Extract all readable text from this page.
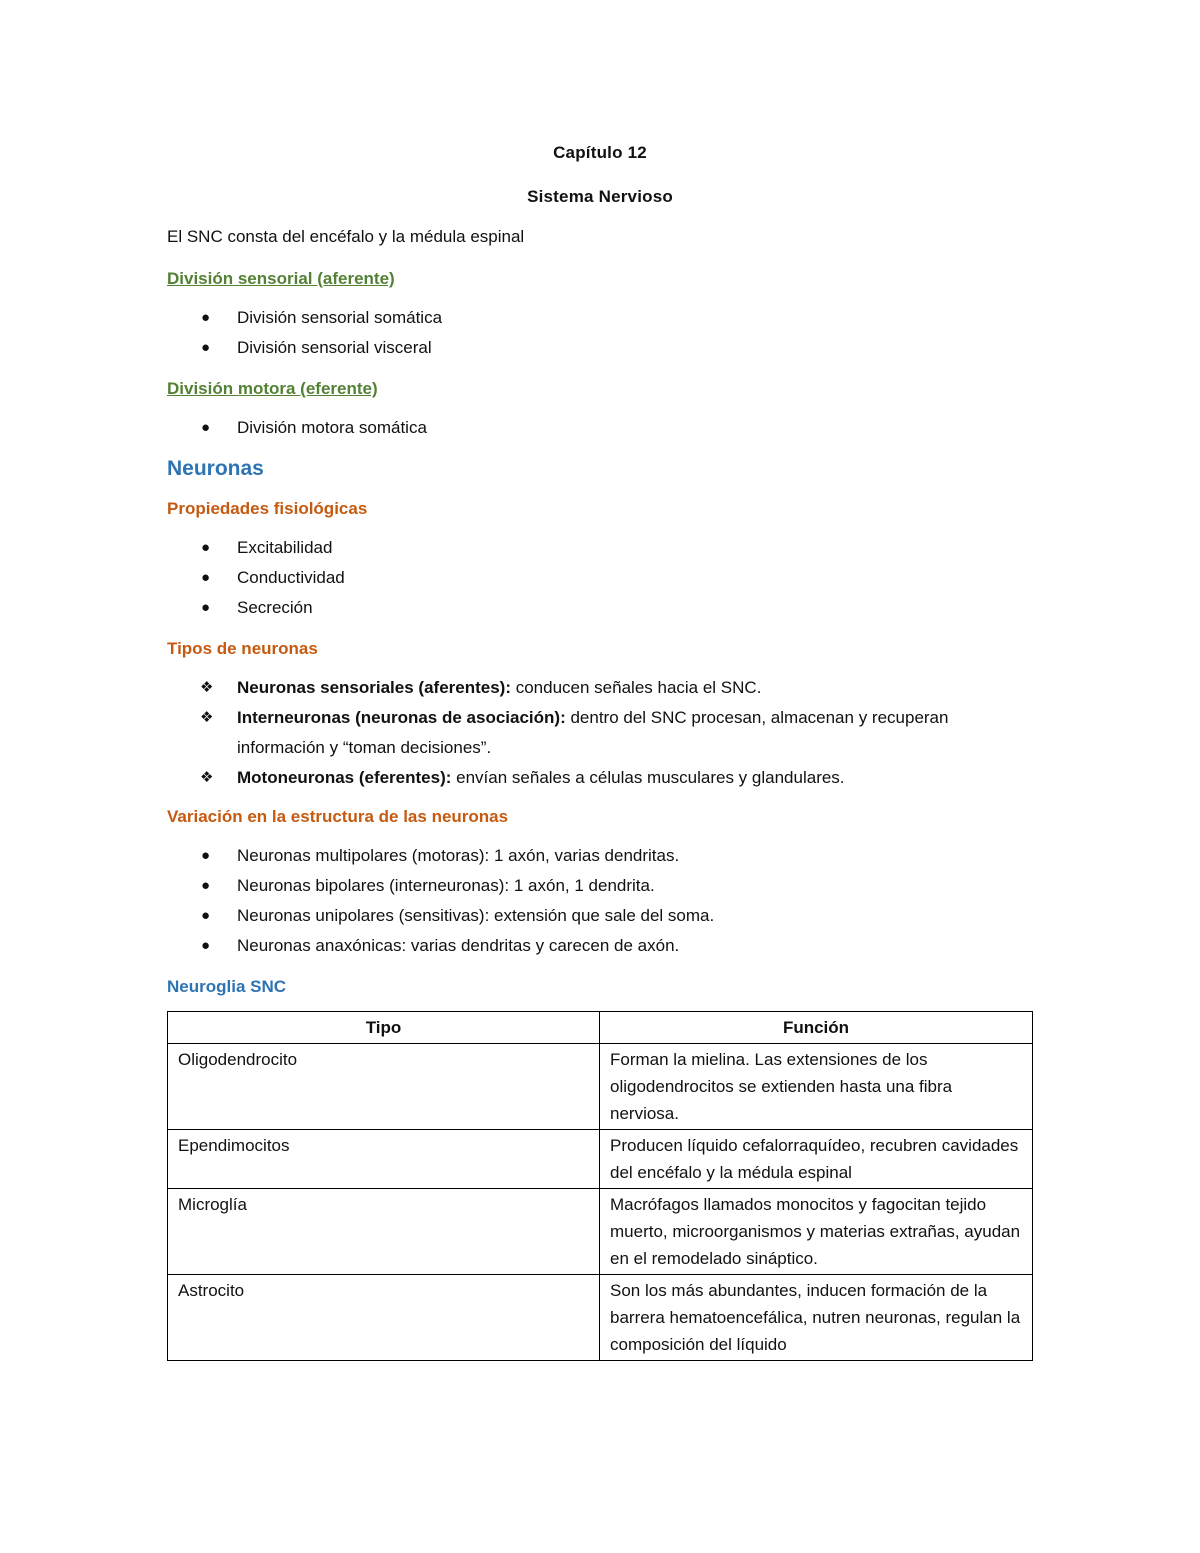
Capítulo 12
Sistema Nervioso
El SNC consta del encéfalo y la médula espinal
División sensorial (aferente)
● División sensorial somática
● División sensorial visceral
División motora (eferente)
● División motora somática
Neuronas
Propiedades fisiológicas
● Excitabilidad
● Conductividad
● Secreción
Tipos de neuronas
❖ Neuronas sensoriales (aferentes): conducen señales hacia el SNC.
❖ Interneuronas (neuronas de asociación): dentro del SNC procesan, almacenan y recuperan información y “toman decisiones”.
❖ Motoneuronas (eferentes): envían señales a células musculares y glandulares.
Variación en la estructura de las neuronas
● Neuronas multipolares (motoras): 1 axón, varias dendritas.
● Neuronas bipolares (interneuronas): 1 axón, 1 dendrita.
● Neuronas unipolares (sensitivas): extensión que sale del soma.
● Neuronas anaxónicas: varias dendritas y carecen de axón.
Neuroglia SNC
Tipo	Función
Oligodendrocito	Forman la mielina. Las extensiones de los oligodendrocitos se extienden hasta una fibra nerviosa.
Ependimocitos	Producen líquido cefalorraquídeo, recubren cavidades del encéfalo y la médula espinal
Microglía	Macrófagos llamados monocitos y fagocitan tejido muerto, microorganismos y materias extrañas, ayudan en el remodelado sináptico.
Astrocito	Son los más abundantes, inducen formación de la barrera hematoencefálica, nutren neuronas, regulan la composición del líquido
